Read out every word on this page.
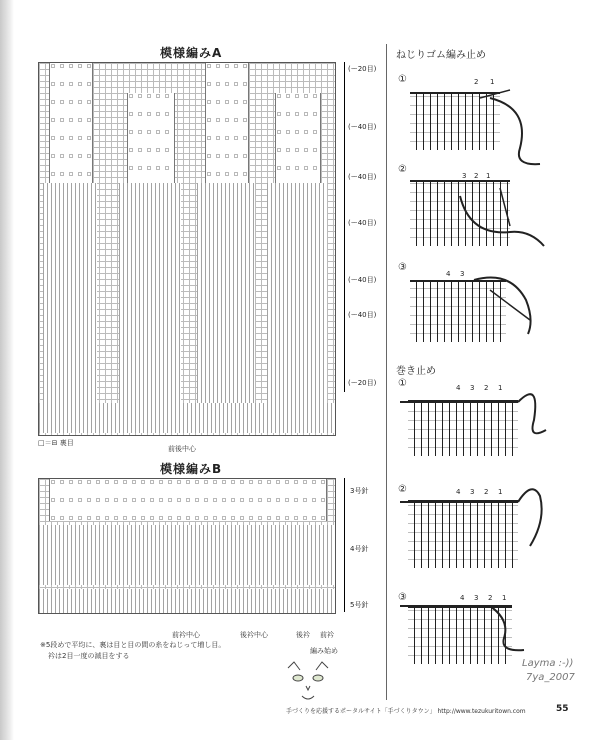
模様編みA
(ー20目)
(ー40目)
(ー40目)
(ー40目)
(ー40目)
(ー40目)
(ー20目)
□＝⊟ 裏目
前後中心
模様編みB
3号針
4号針
5号針
前衿中心	後衿中心	後衿 前衿
編み始め
※5段めで平均に、裏は目と目の間の糸をねじって増し目。
衿は2目一度の減目をする
ねじりゴム編み止め
①	2 1
②
3 2 1
③
4 3
巻き止め
①	4 3 2 1
②	4 3 2 1
③	4 3 2 1
Layma :-))
7ya_2007
手づくりを応援するポータルサイト「手づくりタウン」 http://www.tezukuritown.com	55
